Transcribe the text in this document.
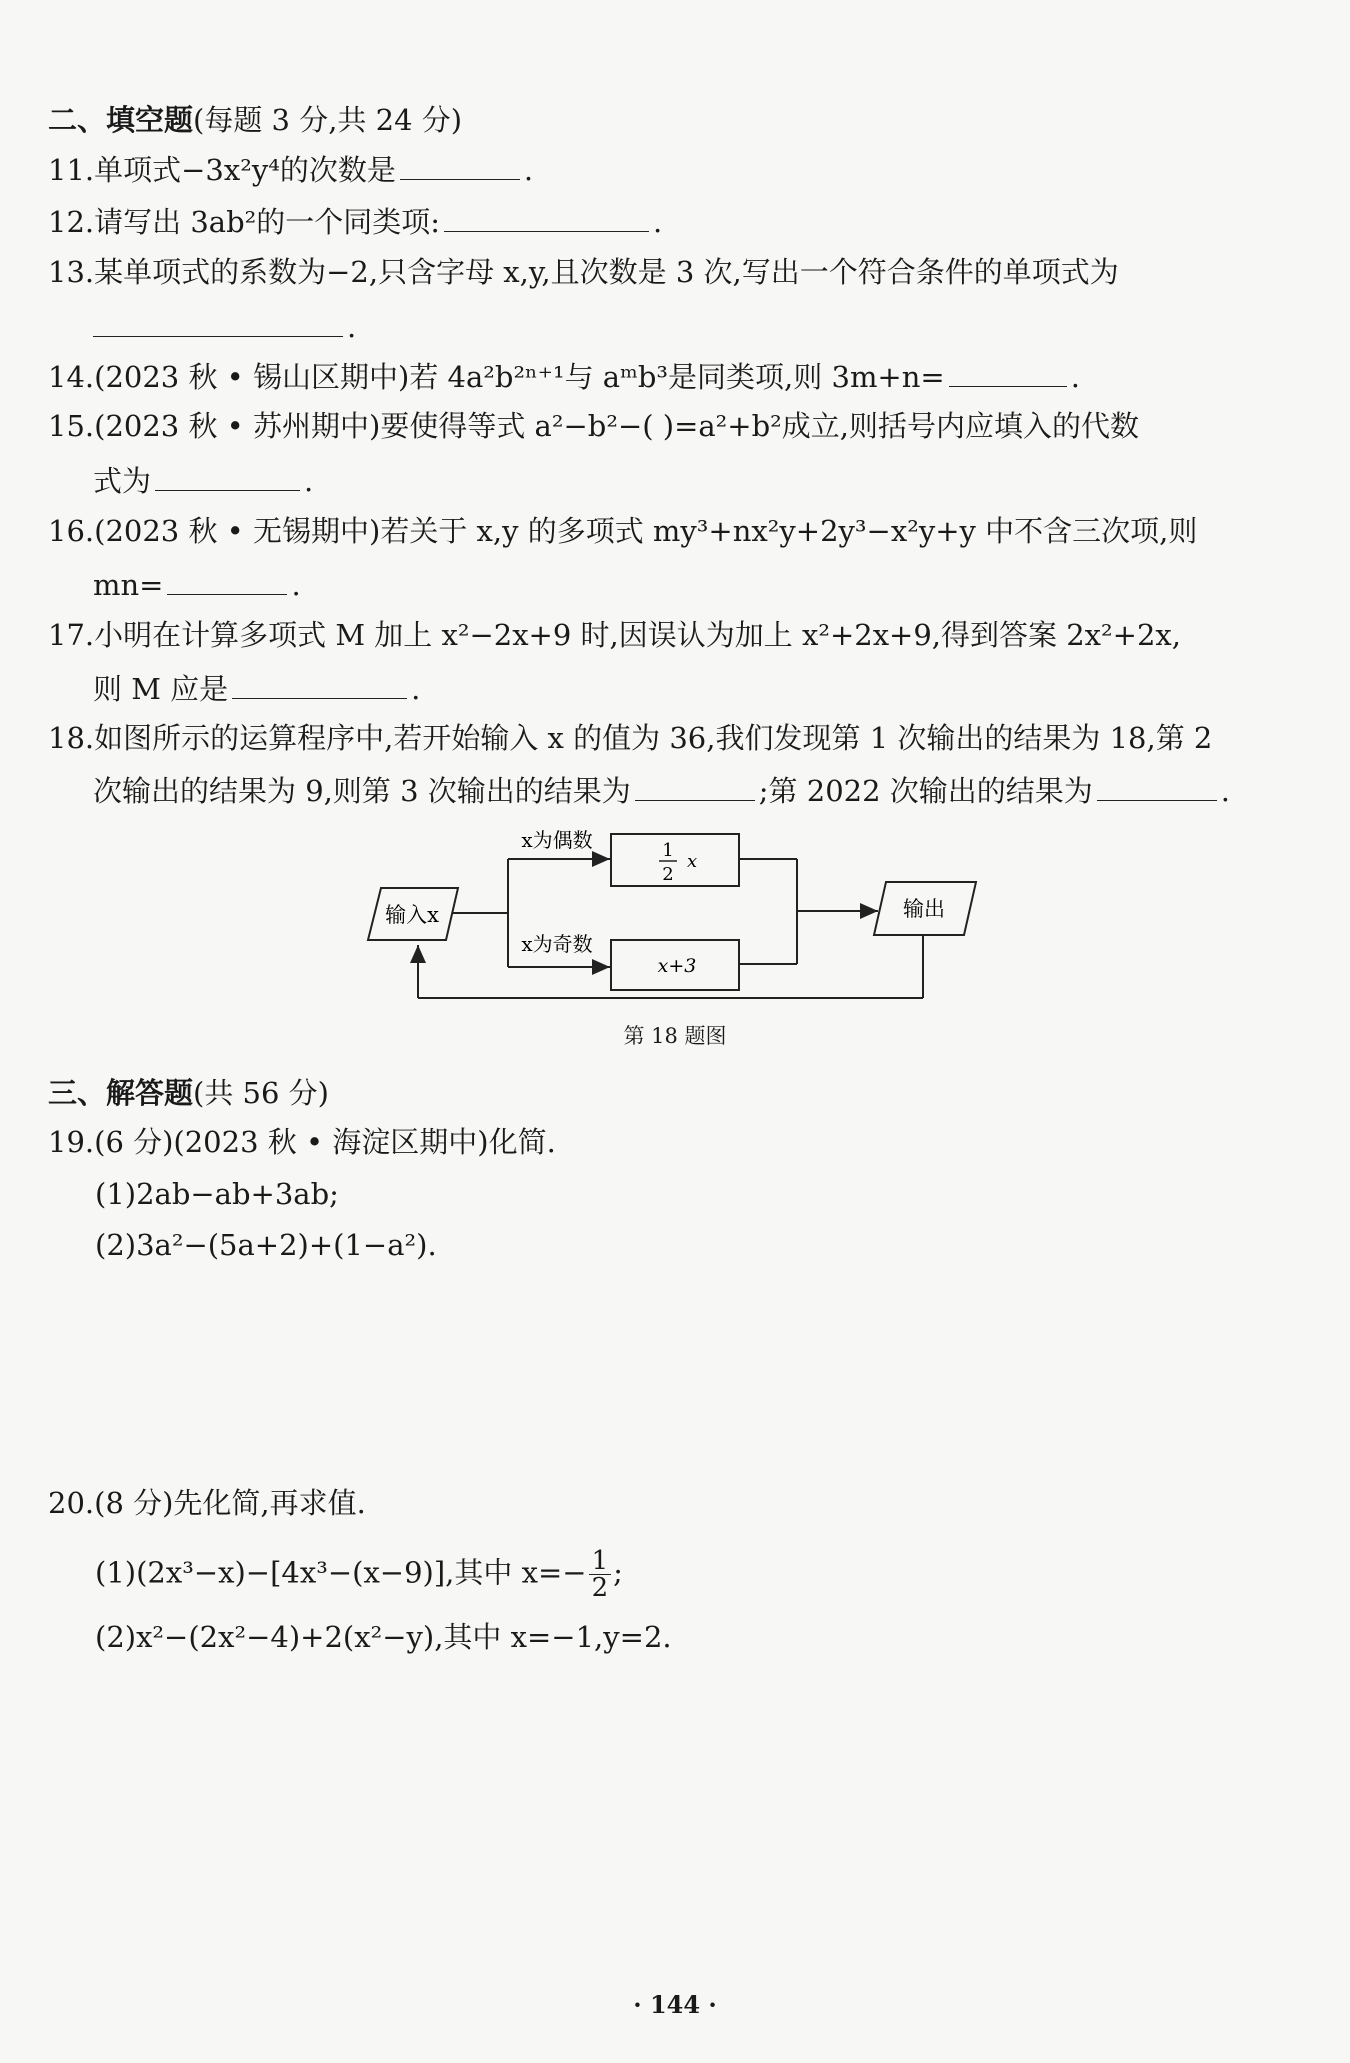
二、填空题(每题 3 分,共 24 分)
11.单项式−3x²y⁴的次数是	.
12.请写出 3ab²的一个同类项:	.
13.某单项式的系数为−2,只含字母 x,y,且次数是 3 次,写出一个符合条件的单项式为
.
14.(2023 秋 • 锡山区期中)若 4a²b²ⁿ⁺¹与 aᵐb³是同类项,则 3m+n=	.
15.(2023 秋 • 苏州期中)要使得等式 a²−b²−( )=a²+b²成立,则括号内应填入的代数
式为	.
16.(2023 秋 • 无锡期中)若关于 x,y 的多项式 my³+nx²y+2y³−x²y+y 中不含三次项,则
mn=	.
17.小明在计算多项式 M 加上 x²−2x+9 时,因误认为加上 x²+2x+9,得到答案 2x²+2x,
则 M 应是	.
18.如图所示的运算程序中,若开始输入 x 的值为 36,我们发现第 1 次输出的结果为 18,第 2
次输出的结果为 9,则第 3 次输出的结果为	;第 2022 次输出的结果为	.
输入x
x为偶数
x为奇数
1
2
x
x+3
输出
第 18 题图
三、解答题(共 56 分)
19.(6 分)(2023 秋 • 海淀区期中)化简.
(1)2ab−ab+3ab;
(2)3a²−(5a+2)+(1−a²).
20.(8 分)先化简,再求值.
(1)(2x³−x)−[4x³−(x−9)],其中 $x=- \frac{1}{2}$ ;
(2)x²−(2x²−4)+2(x²−y),其中 x=−1,y=2.
· 144 ·
